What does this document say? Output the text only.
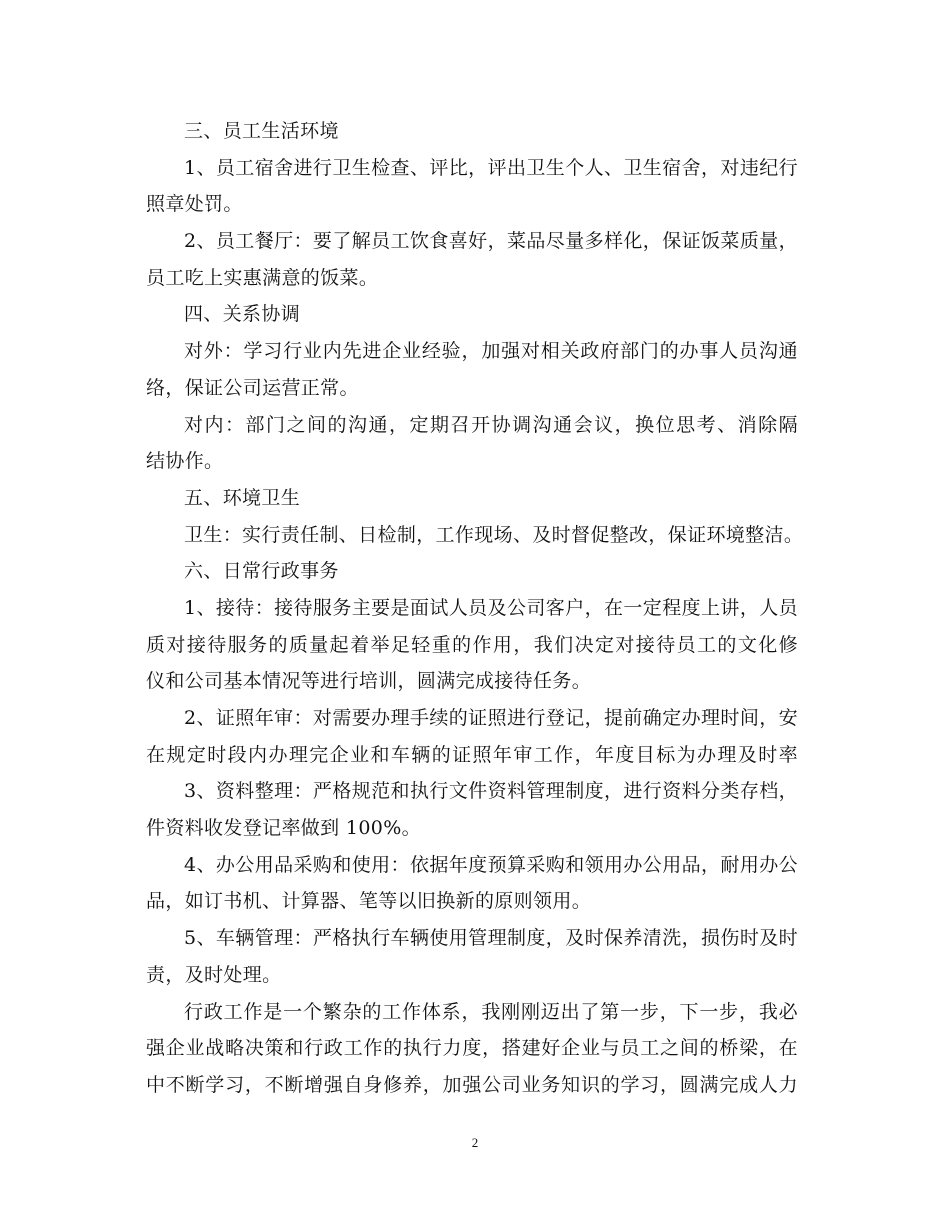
三、员工生活环境
1、员工宿舍进行卫生检查、评比，评出卫生个人、卫生宿舍，对违纪行
照章处罚。
2、员工餐厅：要了解员工饮食喜好，菜品尽量多样化，保证饭菜质量，
员工吃上实惠满意的饭菜。
四、关系协调
对外：学习行业内先进企业经验，加强对相关政府部门的办事人员沟通
络，保证公司运营正常。
对内：部门之间的沟通，定期召开协调沟通会议，换位思考、消除隔
结协作。
五、环境卫生
卫生：实行责任制、日检制，工作现场、及时督促整改，保证环境整洁。
六、日常行政事务
1、接待：接待服务主要是面试人员及公司客户，在一定程度上讲，人员
质对接待服务的质量起着举足轻重的作用，我们决定对接待员工的文化修
仪和公司基本情况等进行培训，圆满完成接待任务。
2、证照年审：对需要办理手续的证照进行登记，提前确定办理时间，安
在规定时段内办理完企业和车辆的证照年审工作，年度目标为办理及时率
3、资料整理：严格规范和执行文件资料管理制度，进行资料分类存档，
件资料收发登记率做到 100%。
4、办公用品采购和使用：依据年度预算采购和领用办公用品，耐用办公
品，如订书机、计算器、笔等以旧换新的原则领用。
5、车辆管理：严格执行车辆使用管理制度，及时保养清洗，损伤时及时
责，及时处理。
行政工作是一个繁杂的工作体系，我刚刚迈出了第一步，下一步，我必
强企业战略决策和行政工作的执行力度，搭建好企业与员工之间的桥梁，在
中不断学习，不断增强自身修养，加强公司业务知识的学习，圆满完成人力
2
